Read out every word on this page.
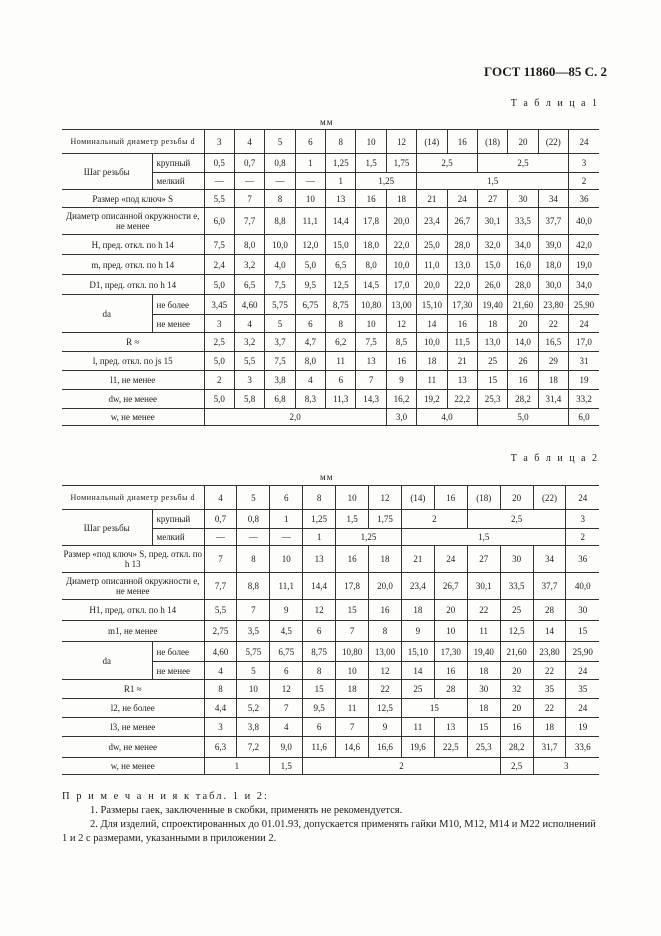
ГОСТ 11860—85 С. 2
Т а б л и ц а 1
мм
Номинальный диаметр резьбы d		3	4	5	6	8	10	12	(14)	16	(18)	20	(22)	24
Шаг резьбы	крупный	0,5	0,7	0,8	1	1,25	1,5	1,75	2,5		2,5			3
	мелкий	—	—	—	—	1	1,25		1,5					2
Размер «под ключ» S		5,5	7	8	10	13	16	18	21	24	27	30	34	36
Диаметр описанной окружности e, не менее		6,0	7,7	8,8	11,1	14,4	17,8	20,0	23,4	26,7	30,1	33,5	37,7	40,0
H, пред. откл. по h 14		7,5	8,0	10,0	12,0	15,0	18,0	22,0	25,0	28,0	32,0	34,0	39,0	42,0
m, пред. откл. по h 14		2,4	3,2	4,0	5,0	6,5	8,0	10,0	11,0	13,0	15,0	16,0	18,0	19,0
D1, пред. откл. по h 14		5,0	6,5	7,5	9,5	12,5	14,5	17,0	20,0	22,0	26,0	28,0	30,0	34,0
da	не более	3,45	4,60	5,75	6,75	8,75	10,80	13,00	15,10	17,30	19,40	21,60	23,80	25,90
	не менее	3	4	5	6	8	10	12	14	16	18	20	22	24
R ≈		2,5	3,2	3,7	4,7	6,2	7,5	8,5	10,0	11,5	13,0	14,0	16,5	17,0
l, пред. откл. по js 15		5,0	5,5	7,5	8,0	11	13	16	18	21	25	26	29	31
l1, не менее		2	3	3,8	4	6	7	9	11	13	15	16	18	19
dw, не менее		5,0	5,8	6,8	8,3	11,3	14,3	16,2	19,2	22,2	25,3	28,2	31,4	33,2
w, не менее		2,0						3,0	4,0		5,0			6,0
Т а б л и ц а 2
мм
Номинальный диаметр резьбы d		4	5	6	8	10	12	(14)	16	(18)	20	(22)	24
Шаг резьбы	крупный	0,7	0,8	1	1,25	1,5	1,75	2		2,5			3
	мелкий	—	—	—	1	1,25		1,5					2
Размер «под ключ» S, пред. откл. по h 13		7	8	10	13	16	18	21	24	27	30	34	36
Диаметр описанной окружности e, не менее		7,7	8,8	11,1	14,4	17,8	20,0	23,4	26,7	30,1	33,5	37,7	40,0
H1, пред. откл. по h 14		5,5	7	9	12	15	16	18	20	22	25	28	30
m1, не менее		2,75	3,5	4,5	6	7	8	9	10	11	12,5	14	15
da	не более	4,60	5,75	6,75	8,75	10,80	13,00	15,10	17,30	19,40	21,60	23,80	25,90
	не менее	4	5	6	8	10	12	14	16	18	20	22	24
R1 ≈		8	10	12	15	18	22	25	28	30	32	35	35
l2, не более		4,4	5,2	7	9,5	11	12,5	15		18	20	22	24
l3, не менее		3	3,8	4	6	7	9	11	13	15	16	18	19
dw, не менее		6,3	7,2	9,0	11,6	14,6	16,6	19,6	22,5	25,3	28,2	31,7	33,6
w, не менее		1		1,5	2						2,5	3	

П р и м е ч а н и я к табл. 1 и 2:

1. Размеры гаек, заключенные в скобки, применять не рекомендуется.

2. Для изделий, спроектированных до 01.01.93, допускается применять гайки M10, M12, M14 и M22 исполнений 1 и 2 с размерами, указанными в приложении 2.
